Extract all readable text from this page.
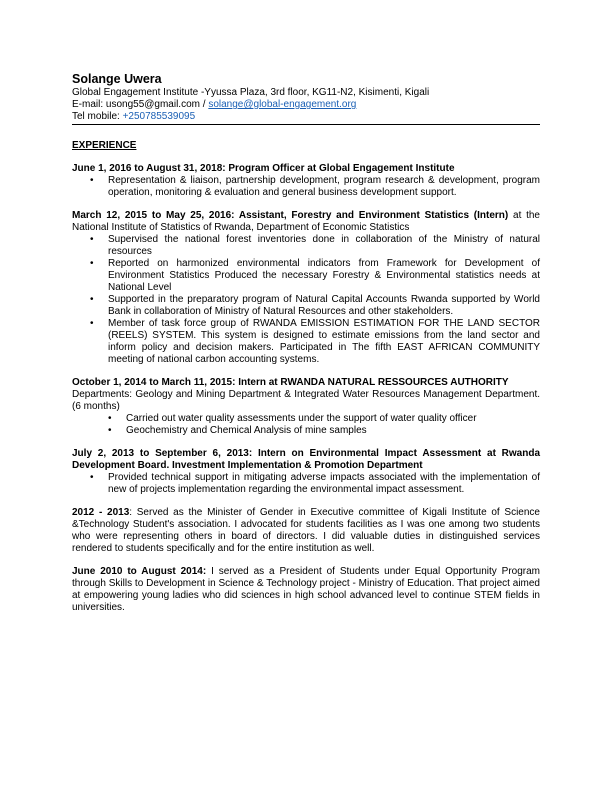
Solange Uwera
Global Engagement Institute -Yyussa Plaza, 3rd floor, KG11-N2, Kisimenti, Kigali
E-mail: usong55@gmail.com / solange@global-engagement.org
Tel mobile: +250785539095
EXPERIENCE
June 1, 2016 to August 31, 2018: Program Officer at Global Engagement Institute
• Representation & liaison, partnership development, program research & development, program operation, monitoring & evaluation and general business development support.
March 12, 2015 to May 25, 2016: Assistant, Forestry and Environment Statistics (Intern) at the National Institute of Statistics of Rwanda, Department of Economic Statistics
• Supervised the national forest inventories done in collaboration of the Ministry of natural resources
• Reported on harmonized environmental indicators from Framework for Development of Environment Statistics Produced the necessary Forestry & Environmental statistics needs at National Level
• Supported in the preparatory program of Natural Capital Accounts Rwanda supported by World Bank in collaboration of Ministry of Natural Resources and other stakeholders.
• Member of task force group of RWANDA EMISSION ESTIMATION FOR THE LAND SECTOR (REELS) SYSTEM. This system is designed to estimate emissions from the land sector and inform policy and decision makers. Participated in The fifth EAST AFRICAN COMMUNITY meeting of national carbon accounting systems.
October 1, 2014 to March 11, 2015: Intern at RWANDA NATURAL RESSOURCES AUTHORITY
Departments: Geology and Mining Department & Integrated Water Resources Management Department. (6 months)
• Carried out water quality assessments under the support of water quality officer
• Geochemistry and Chemical Analysis of mine samples
July 2, 2013 to September 6, 2013: Intern on Environmental Impact Assessment at Rwanda Development Board. Investment Implementation & Promotion Department
• Provided technical support in mitigating adverse impacts associated with the implementation of new of projects implementation regarding the environmental impact assessment.
2012 - 2013: Served as the Minister of Gender in Executive committee of Kigali Institute of Science &Technology Student's association. I advocated for students facilities as I was one among two students who were representing others in board of directors. I did valuable duties in distinguished services rendered to students specifically and for the entire institution as well.
June 2010 to August 2014: I served as a President of Students under Equal Opportunity Program through Skills to Development in Science & Technology project - Ministry of Education. That project aimed at empowering young ladies who did sciences in high school advanced level to continue STEM fields in universities.
